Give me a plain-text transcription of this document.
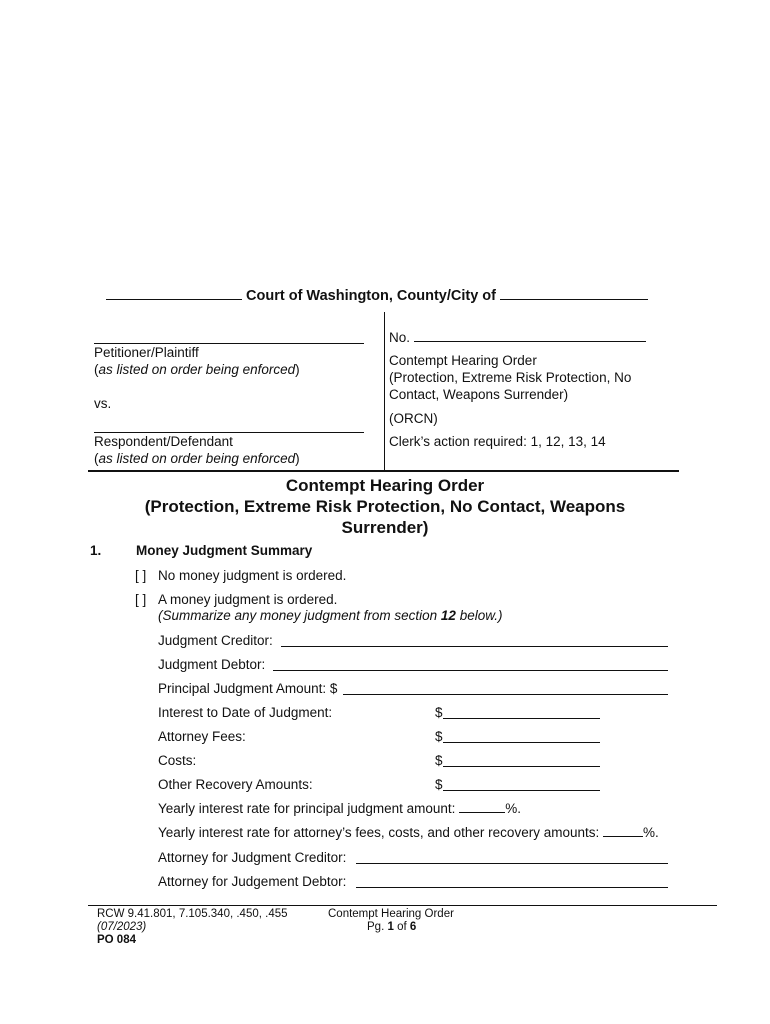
Court of Washington, County/City of
Petitioner/Plaintiff
(as listed on order being enforced)
vs.
Respondent/Defendant
(as listed on order being enforced)
No.
Contempt Hearing Order
(Protection, Extreme Risk Protection, No
Contact, Weapons Surrender)
(ORCN)
Clerk’s action required: 1, 12, 13, 14
Contempt Hearing Order
(Protection, Extreme Risk Protection, No Contact, Weapons
Surrender)
1.	Money Judgment Summary
[ ] No money judgment is ordered.
[ ] A money judgment is ordered.
(Summarize any money judgment from section 12 below.)
Judgment Creditor:
Judgment Debtor:
Principal Judgment Amount: $
Interest to Date of Judgment:	$
Attorney Fees:	$
Costs:	$
Other Recovery Amounts:	$
Yearly interest rate for principal judgment amount:	%.
Yearly interest rate for attorney’s fees, costs, and other recovery amounts:	%.
Attorney for Judgment Creditor:
Attorney for Judgement Debtor:
RCW 9.41.801, 7.105.340, .450, .455
(07/2023)
PO 084
Contempt Hearing Order
Pg. 1 of 6
